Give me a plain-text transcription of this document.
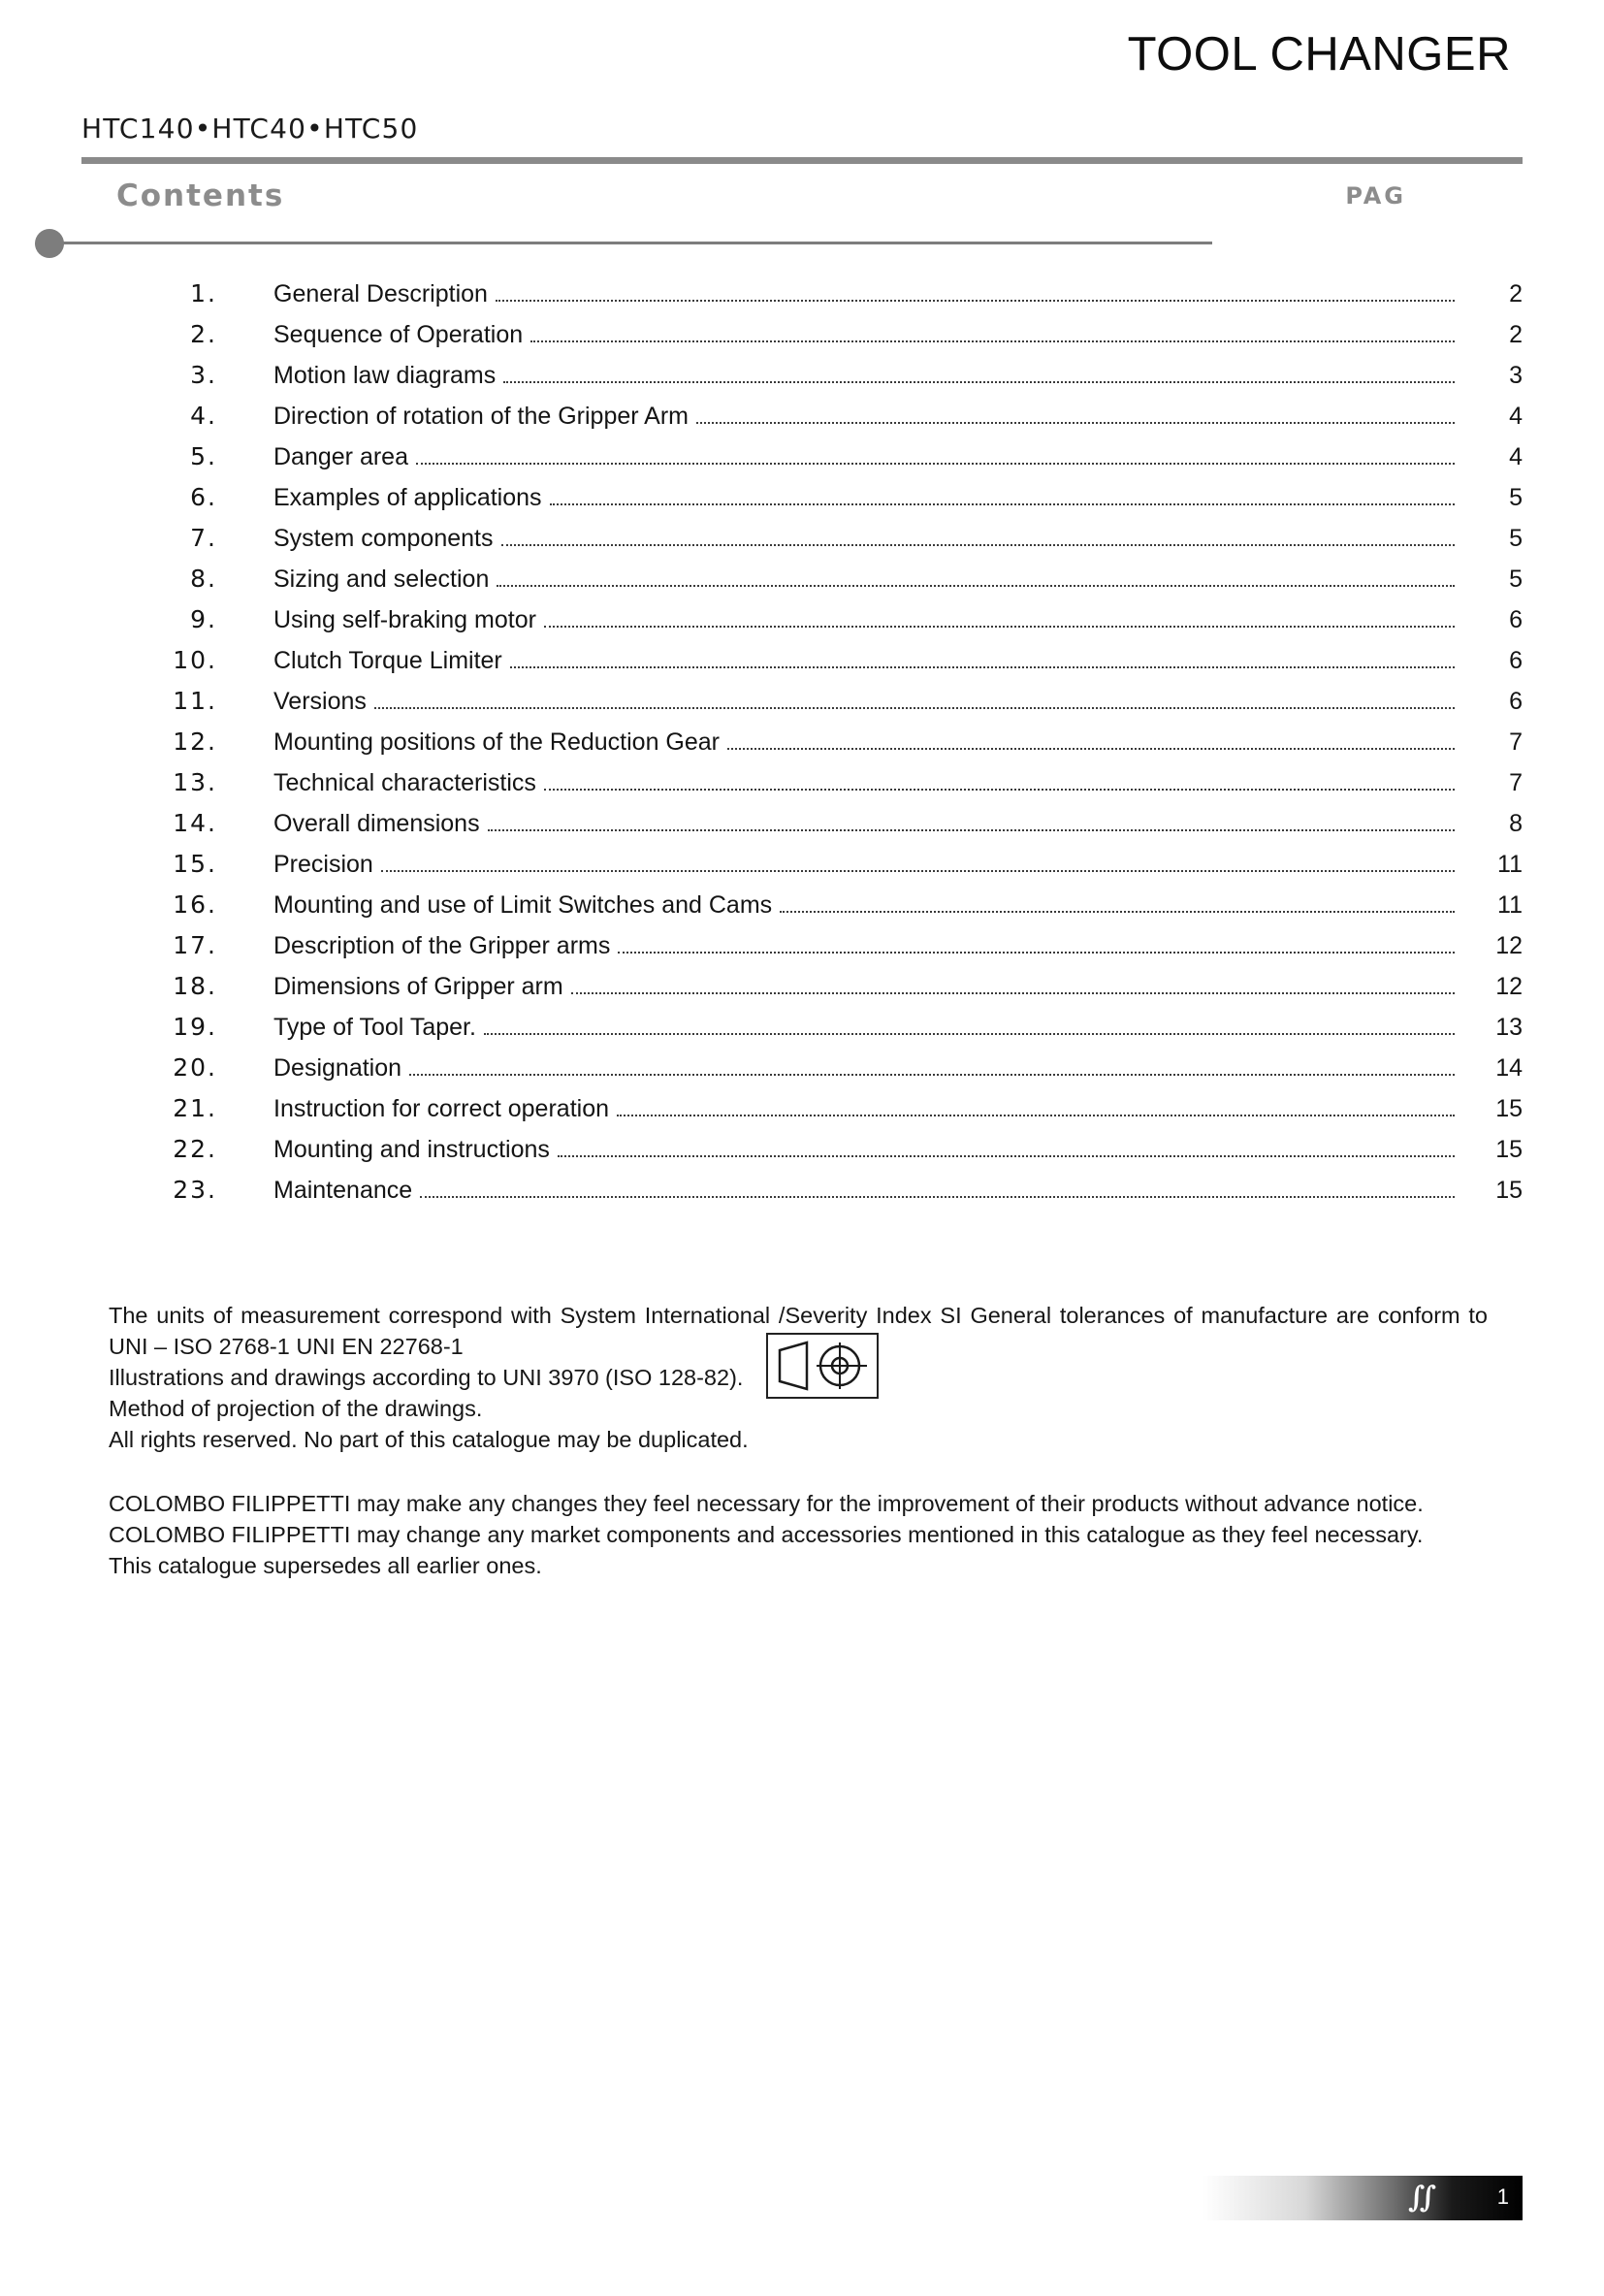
TOOL CHANGER
HTC140•HTC40•HTC50
Contents	PAG
1.	General Description	2
2.	Sequence of Operation	2
3.	Motion law diagrams	3
4.	Direction of rotation of the Gripper Arm	4
5.	Danger area	4
6.	Examples of applications	5
7.	System components	5
8.	Sizing and selection	5
9.	Using self-braking motor	6
10.	Clutch Torque Limiter	6
11.	Versions	6
12.	Mounting positions of the Reduction Gear	7
13.	Technical characteristics	7
14.	Overall dimensions	8
15.	Precision	11
16.	Mounting and use of Limit Switches and Cams	11
17.	Description of the Gripper arms	12
18.	Dimensions of Gripper arm	12
19.	Type of Tool Taper.	13
20.	Designation	14
21.	Instruction for correct operation	15
22.	Mounting and instructions	15
23.	Maintenance	15

The units of measurement correspond with System International /Severity Index SI General tolerances of manufacture are conform to UNI – ISO 2768-1 UNI EN 22768-1

Illustrations and drawings according to UNI 3970 (ISO 128-82).

Method of projection of the drawings.

All rights reserved. No part of this catalogue may be duplicated.

COLOMBO FILIPPETTI may make any changes they feel necessary for the improvement of their products without advance notice.

COLOMBO FILIPPETTI may change any market components and accessories mentioned in this catalogue as they feel necessary.

This catalogue supersedes all earlier ones.

∬	1
